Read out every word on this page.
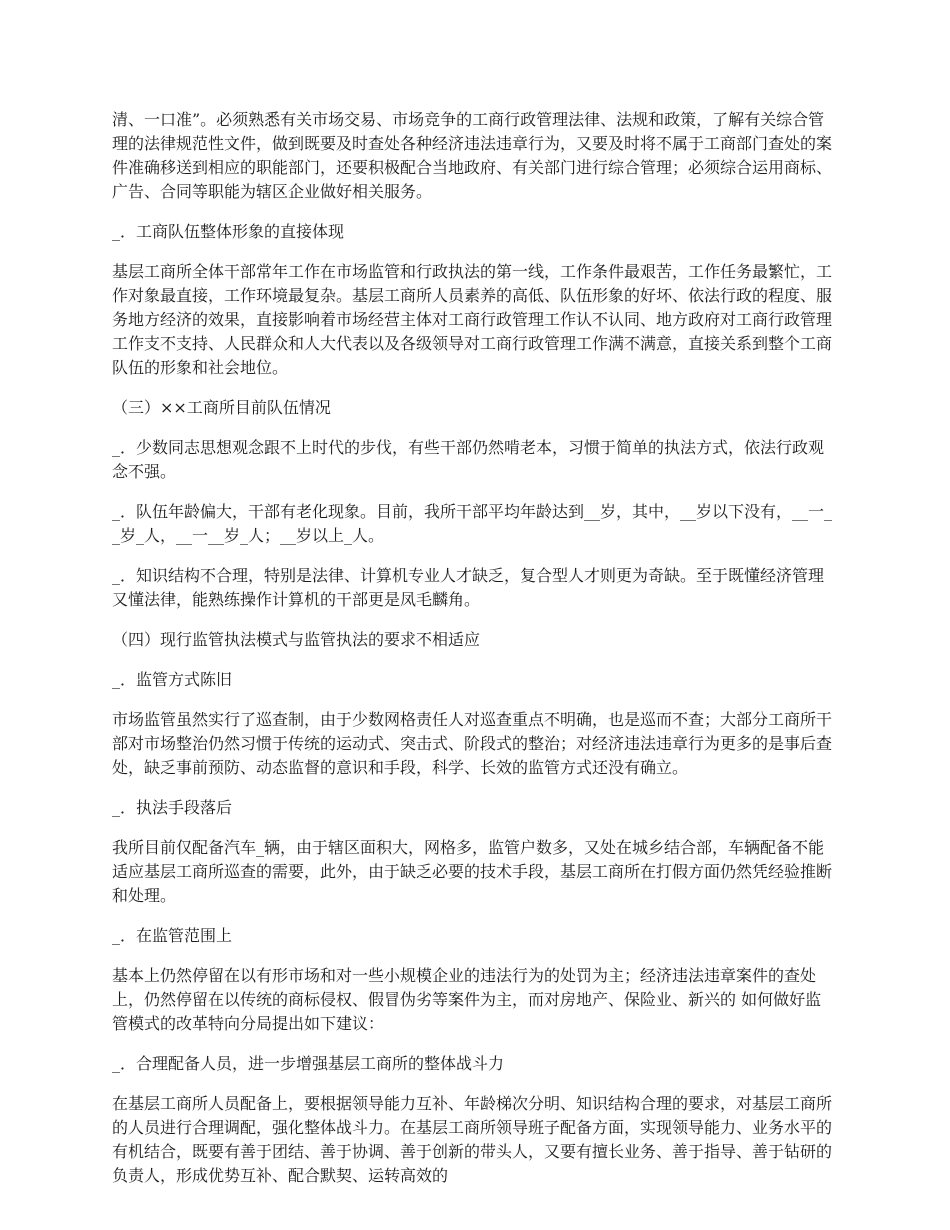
清、一口准”。必须熟悉有关市场交易、市场竞争的工商行政管理法律、法规和政策，了解有关综合管理的法律规范性文件，做到既要及时查处各种经济违法违章行为，又要及时将不属于工商部门查处的案件准确移送到相应的职能部门，还要积极配合当地政府、有关部门进行综合管理；必须综合运用商标、广告、合同等职能为辖区企业做好相关服务。

_．工商队伍整体形象的直接体现

基层工商所全体干部常年工作在市场监管和行政执法的第一线，工作条件最艰苦，工作任务最繁忙，工作对象最直接，工作环境最复杂。基层工商所人员素养的高低、队伍形象的好坏、依法行政的程度、服务地方经济的效果，直接影响着市场经营主体对工商行政管理工作认不认同、地方政府对工商行政管理工作支不支持、人民群众和人大代表以及各级领导对工商行政管理工作满不满意，直接关系到整个工商队伍的形象和社会地位。

（三）××工商所目前队伍情况

_．少数同志思想观念跟不上时代的步伐，有些干部仍然啃老本，习惯于简单的执法方式，依法行政观念不强。

_．队伍年龄偏大，干部有老化现象。目前，我所干部平均年龄达到__岁，其中，__岁以下没有，__一__岁_人，__一__岁_人；__岁以上_人。

_．知识结构不合理，特别是法律、计算机专业人才缺乏，复合型人才则更为奇缺。至于既懂经济管理又懂法律，能熟练操作计算机的干部更是凤毛麟角。

（四）现行监管执法模式与监管执法的要求不相适应

_．监管方式陈旧

市场监管虽然实行了巡查制，由于少数网格责任人对巡查重点不明确，也是巡而不查；大部分工商所干部对市场整治仍然习惯于传统的运动式、突击式、阶段式的整治；对经济违法违章行为更多的是事后查处，缺乏事前预防、动态监督的意识和手段，科学、长效的监管方式还没有确立。

_．执法手段落后

我所目前仅配备汽车_辆，由于辖区面积大，网格多，监管户数多，又处在城乡结合部，车辆配备不能适应基层工商所巡查的需要，此外，由于缺乏必要的技术手段，基层工商所在打假方面仍然凭经验推断和处理。

_．在监管范围上

基本上仍然停留在以有形市场和对一些小规模企业的违法行为的处罚为主；经济违法违章案件的查处上，仍然停留在以传统的商标侵权、假冒伪劣等案件为主，而对房地产、保险业、新兴的 如何做好监管模式的改革特向分局提出如下建议：

_．合理配备人员，进一步增强基层工商所的整体战斗力

在基层工商所人员配备上，要根据领导能力互补、年龄梯次分明、知识结构合理的要求，对基层工商所的人员进行合理调配，强化整体战斗力。在基层工商所领导班子配备方面，实现领导能力、业务水平的有机结合，既要有善于团结、善于协调、善于创新的带头人，又要有擅长业务、善于指导、善于钻研的负责人，形成优势互补、配合默契、运转高效的
